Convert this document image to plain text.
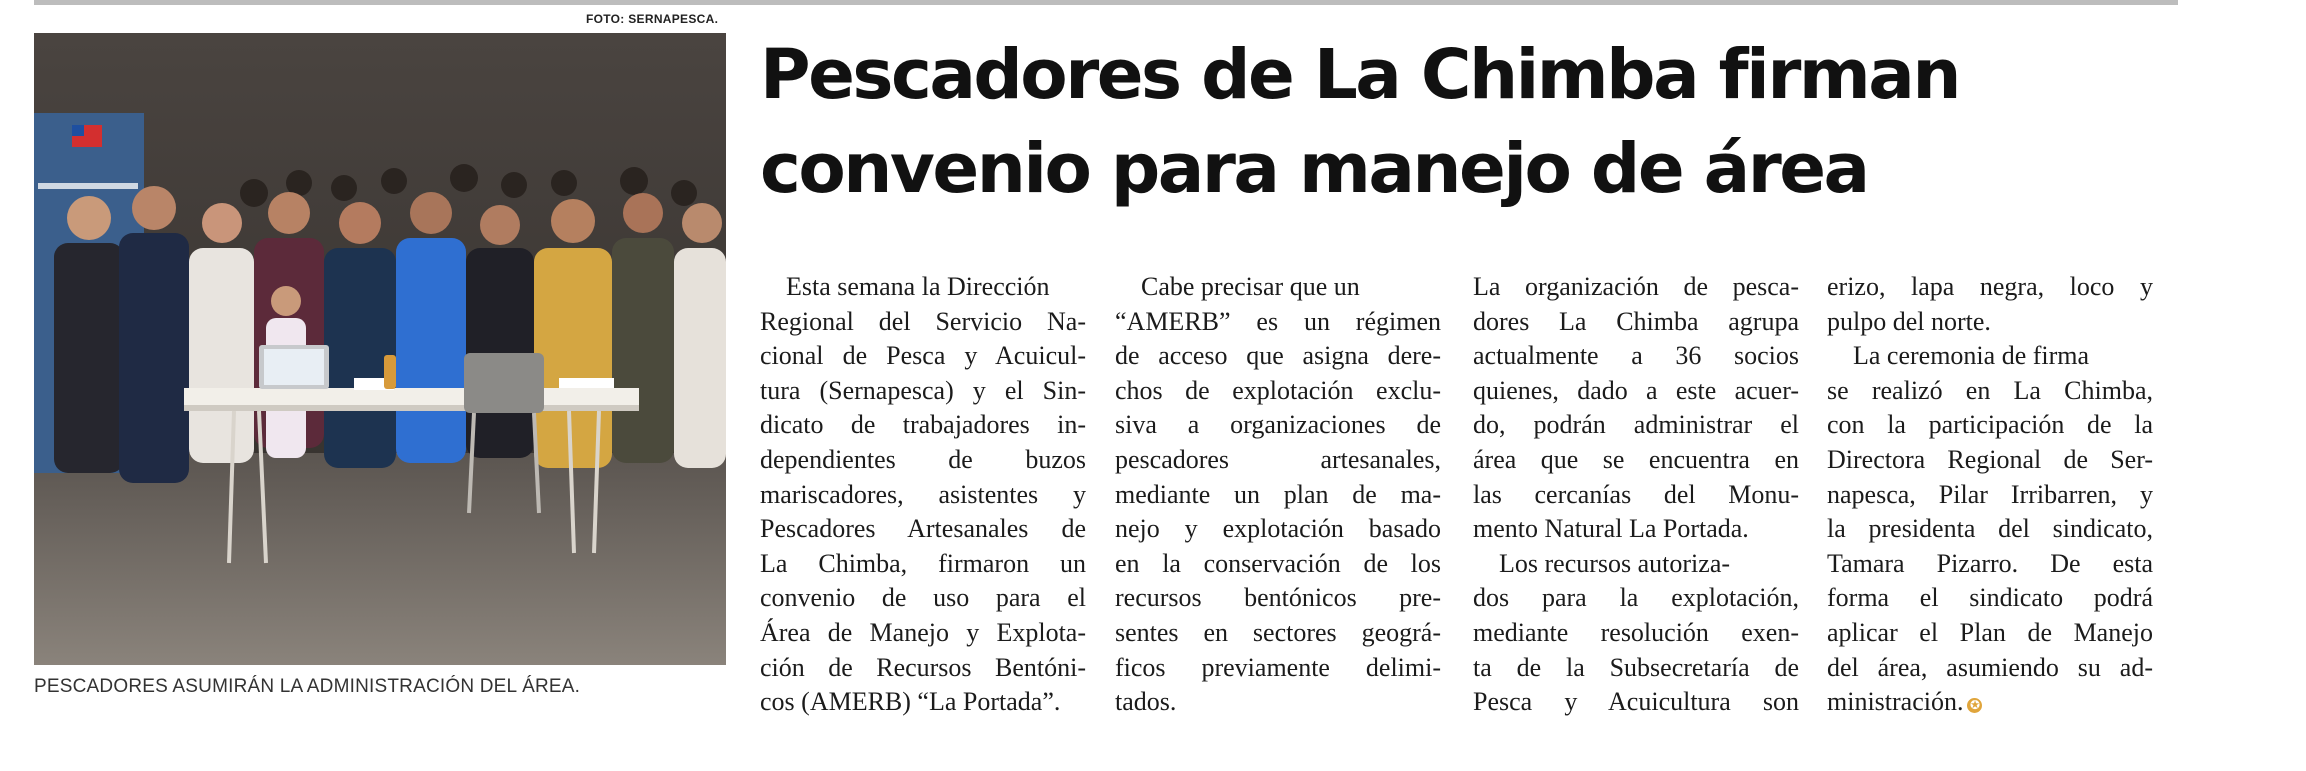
FOTO: SERNAPESCA.
PESCADORES ASUMIRÁN LA ADMINISTRACIÓN DEL ÁREA.
Pescadores de La Chimba firman
convenio para manejo de área

Esta semana la Dirección

Regional del Servicio Na-
cional de Pesca y Acuicul-
tura (Sernapesca) y el Sin-
dicato de trabajadores in-
dependientes de buzos
mariscadores, asistentes y
Pescadores Artesanales de
La Chimba, firmaron un
convenio de uso para el
Área de Manejo y Explota-
ción de Recursos Bentóni-
cos (AMERB) “La Portada”.

Cabe precisar que un
“AMERB” es un régimen
de acceso que asigna dere-
chos de explotación exclu-
siva a organizaciones de
pescadores artesanales,
mediante un plan de ma-
nejo y explotación basado
en la conservación de los
recursos bentónicos pre-
sentes en sectores geográ-
ficos previamente delimi-
tados.

La organización de pesca-
dores La Chimba agrupa
actualmente a 36 socios
quienes, dado a este acuer-
do, podrán administrar el
área que se encuentra en
las cercanías del Monu-
mento Natural La Portada.

Los recursos autoriza-
dos para la explotación,
mediante resolución exen-
ta de la Subsecretaría de
Pesca y Acuicultura son

erizo, lapa negra, loco y
pulpo del norte.

La ceremonia de firma
se realizó en La Chimba,
con la participación de la
Directora Regional de Ser-
napesca, Pilar Irribarren, y
la presidenta del sindicato,
Tamara Pizarro. De esta
forma el sindicato podrá
aplicar el Plan de Manejo
del área, asumiendo su ad-
ministración. ✪
